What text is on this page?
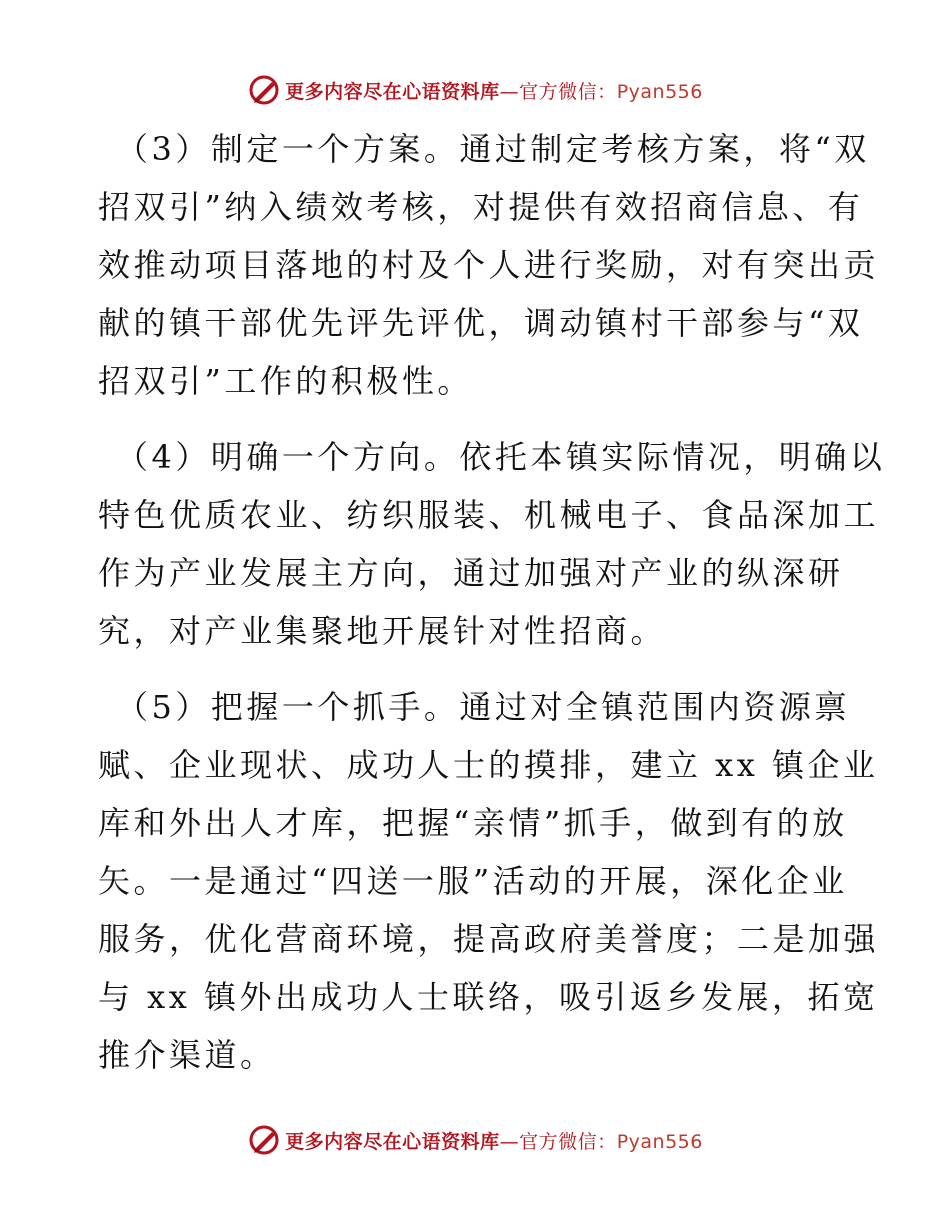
更多内容尽在心语资料库—官方微信：Pyan556
（3）制定一个方案。通过制定考核方案，将“双
招双引”纳入绩效考核，对提供有效招商信息、有
效推动项目落地的村及个人进行奖励，对有突出贡
献的镇干部优先评先评优，调动镇村干部参与“双
招双引”工作的积极性。
（4）明确一个方向。依托本镇实际情况，明确以
特色优质农业、纺织服装、机械电子、食品深加工
作为产业发展主方向，通过加强对产业的纵深研
究，对产业集聚地开展针对性招商。
（5）把握一个抓手。通过对全镇范围内资源禀
赋、企业现状、成功人士的摸排，建立 xx 镇企业
库和外出人才库，把握“亲情”抓手，做到有的放
矢。一是通过“四送一服”活动的开展，深化企业
服务，优化营商环境，提高政府美誉度；二是加强
与 xx 镇外出成功人士联络，吸引返乡发展，拓宽
推介渠道。
更多内容尽在心语资料库—官方微信：Pyan556
